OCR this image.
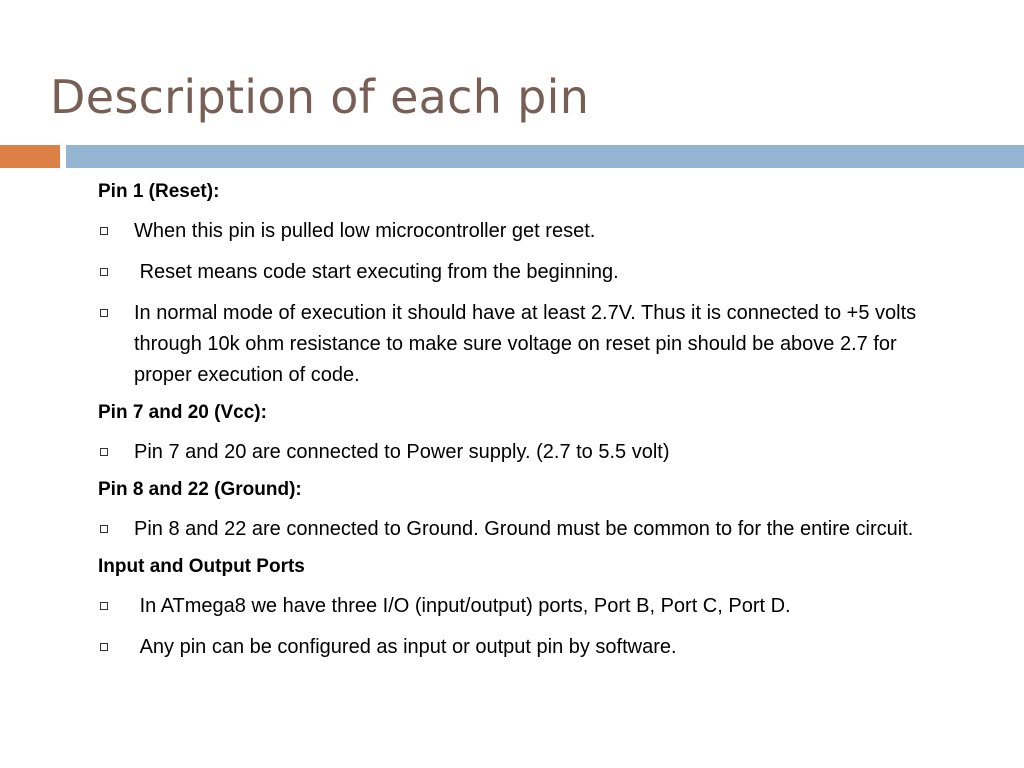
Description of each pin
Pin 1 (Reset):
When this pin is pulled low microcontroller get reset.
Reset means code start executing from the beginning.
In normal mode of execution it should have at least 2.7V. Thus it is connected to +5 volts through 10k ohm resistance to make sure voltage on reset pin should be above 2.7 for proper execution of code.
Pin 7 and 20 (Vcc):
Pin 7 and 20 are connected to Power supply. (2.7 to 5.5 volt)
Pin 8 and 22 (Ground):
Pin 8 and 22 are connected to Ground. Ground must be common to for the entire circuit.
Input and Output Ports
In ATmega8 we have three I/O (input/output) ports, Port B, Port C, Port D.
Any pin can be configured as input or output pin by software.
